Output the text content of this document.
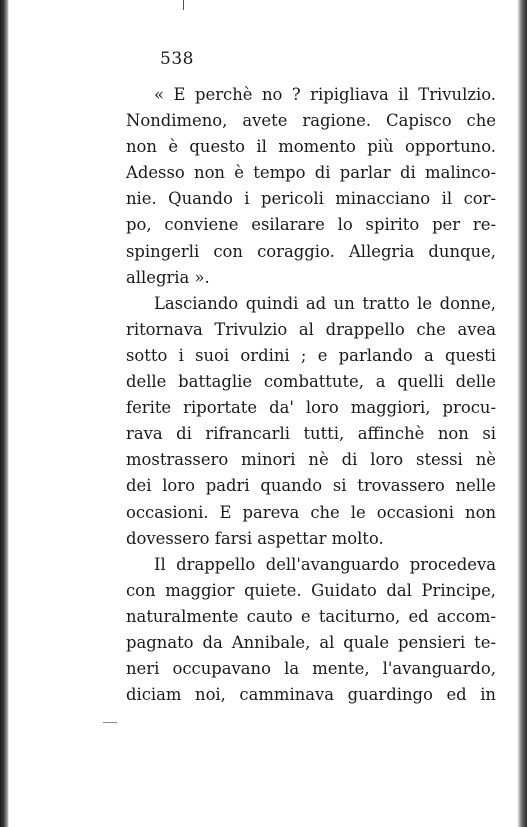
538

« E perchè no ? ripigliava il Trivulzio.
Nondimeno, avete ragione. Capisco che
non è questo il momento più opportuno.
Adesso non è tempo di parlar di malinco-
nie. Quando i pericoli minacciano il cor-
po, conviene esilarare lo spirito per re-
spingerli con coraggio. Allegria dunque,
allegria ».
Lasciando quindi ad un tratto le donne,
ritornava Trivulzio al drappello che avea
sotto i suoi ordini ; e parlando a questi
delle battaglie combattute, a quelli delle
ferite riportate da' loro maggiori, procu-
rava di rifrancarli tutti, affinchè non si
mostrassero minori nè di loro stessi nè
dei loro padri quando si trovassero nelle
occasioni. E pareva che le occasioni non
dovessero farsi aspettar molto.
Il drappello dell'avanguardo procedeva
con maggior quiete. Guidato dal Principe,
naturalmente cauto e taciturno, ed accom-
pagnato da Annibale, al quale pensieri te-
neri occupavano la mente, l'avanguardo,
diciam noi, camminava guardingo ed in
